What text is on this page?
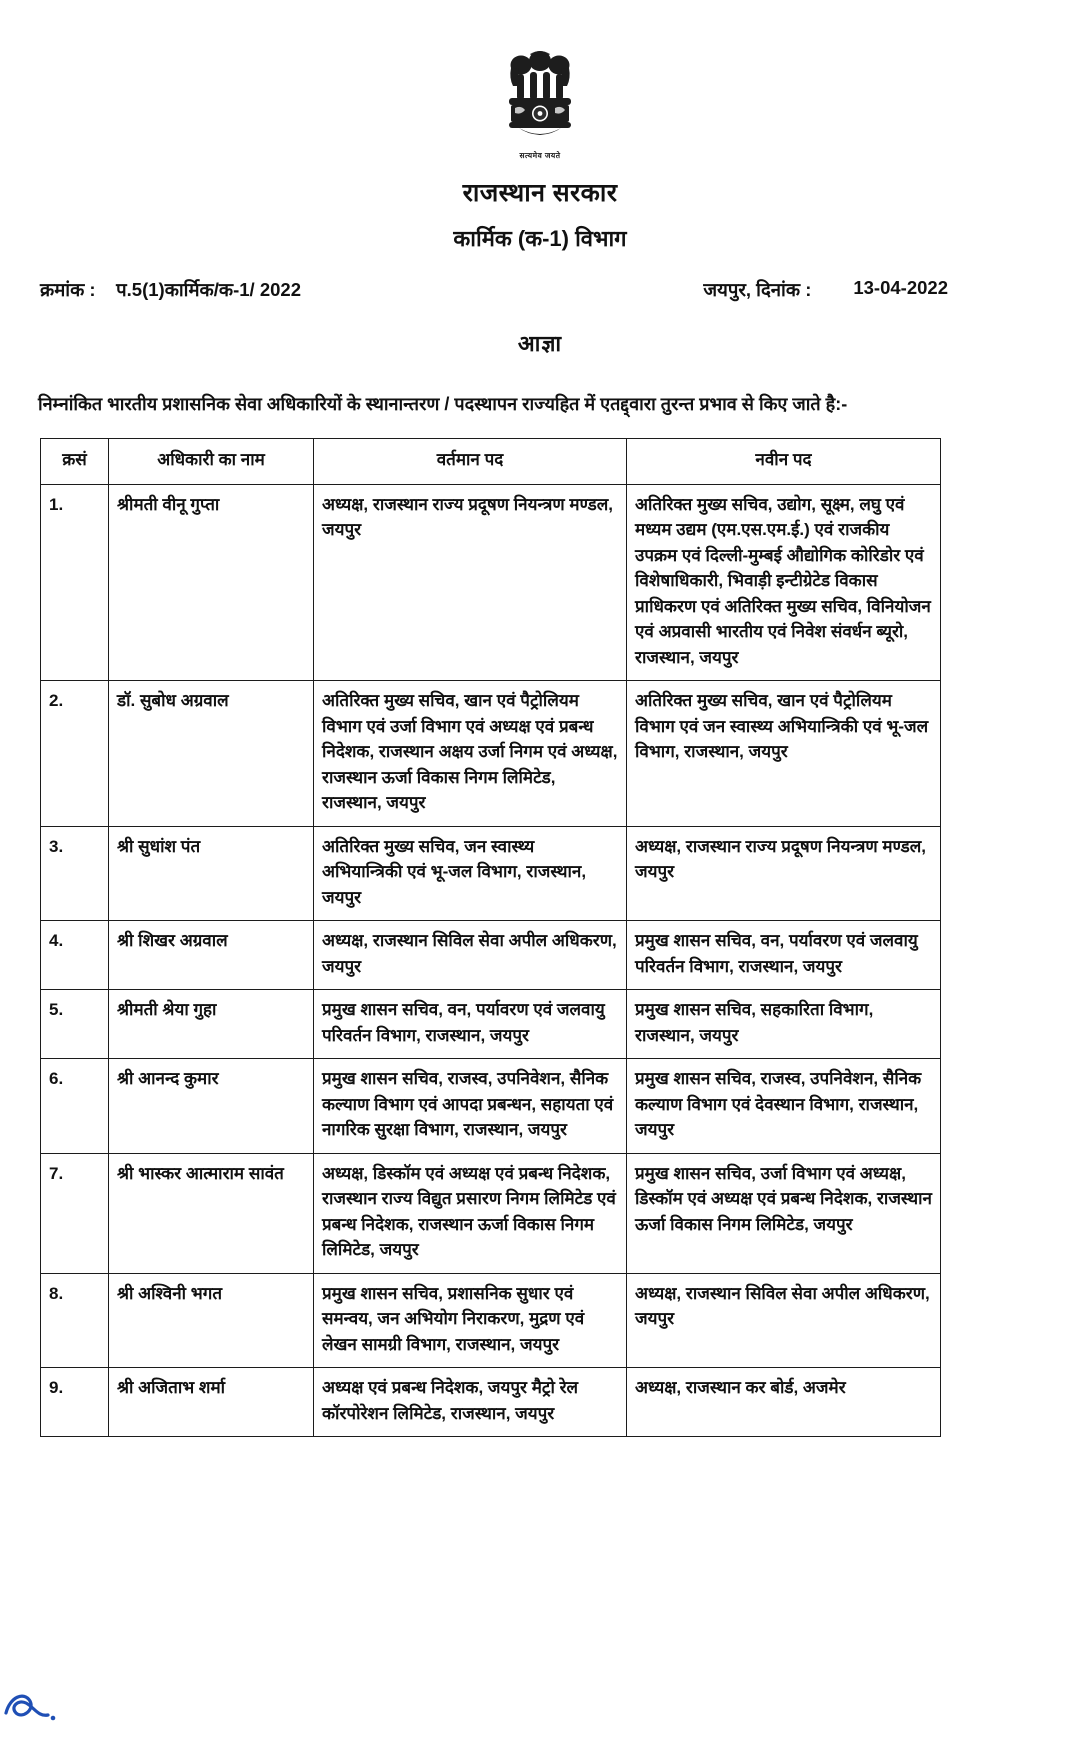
सत्यमेव जयते
राजस्थान सरकार
कार्मिक (क-1) विभाग
क्रमांक : प.5(1)कार्मिक/क-1/ 2022	जयपुर, दिनांक : 13-04-2022
आज्ञा
निम्नांकित भारतीय प्रशासनिक सेवा अधिकारियों के स्थानान्तरण / पदस्थापन राज्यहित में एतद्द्वारा तुरन्त प्रभाव से किए जाते है:-
क्रसं	अधिकारी का नाम	वर्तमान पद	नवीन पद

1.	श्रीमती वीनू गुप्ता	अध्यक्ष, राजस्थान राज्य प्रदूषण नियन्त्रण मण्डल, जयपुर	अतिरिक्त मुख्य सचिव, उद्योग, सूक्ष्म, लघु एवं मध्यम उद्यम (एम.एस.एम.ई.) एवं राजकीय उपक्रम एवं दिल्ली-मुम्बई औद्योगिक कोरिडोर एवं विशेषाधिकारी, भिवाड़ी इन्टीग्रेटेड विकास प्राधिकरण एवं अतिरिक्त मुख्य सचिव, विनियोजन एवं अप्रवासी भारतीय एवं निवेश संवर्धन ब्यूरो, राजस्थान, जयपुर

2.	डॉ. सुबोध अग्रवाल	अतिरिक्त मुख्य सचिव, खान एवं पैट्रोलियम विभाग एवं उर्जा विभाग एवं अध्यक्ष एवं प्रबन्ध निदेशक, राजस्थान अक्षय उर्जा निगम एवं अध्यक्ष, राजस्थान ऊर्जा विकास निगम लिमिटेड, राजस्थान, जयपुर	अतिरिक्त मुख्य सचिव, खान एवं पैट्रोलियम विभाग एवं जन स्वास्थ्य अभियान्त्रिकी एवं भू-जल विभाग, राजस्थान, जयपुर

3.	श्री सुधांश पंत	अतिरिक्त मुख्य सचिव, जन स्वास्थ्य अभियान्त्रिकी एवं भू-जल विभाग, राजस्थान, जयपुर	अध्यक्ष, राजस्थान राज्य प्रदूषण नियन्त्रण मण्डल, जयपुर

4.	श्री शिखर अग्रवाल	अध्यक्ष, राजस्थान सिविल सेवा अपील अधिकरण, जयपुर	प्रमुख शासन सचिव, वन, पर्यावरण एवं जलवायु परिवर्तन विभाग, राजस्थान, जयपुर

5.	श्रीमती श्रेया गुहा	प्रमुख शासन सचिव, वन, पर्यावरण एवं जलवायु परिवर्तन विभाग, राजस्थान, जयपुर	प्रमुख शासन सचिव, सहकारिता विभाग, राजस्थान, जयपुर

6.	श्री आनन्द कुमार	प्रमुख शासन सचिव, राजस्व, उपनिवेशन, सैनिक कल्याण विभाग एवं आपदा प्रबन्धन, सहायता एवं नागरिक सुरक्षा विभाग, राजस्थान, जयपुर	प्रमुख शासन सचिव, राजस्व, उपनिवेशन, सैनिक कल्याण विभाग एवं देवस्थान विभाग, राजस्थान, जयपुर

7.	श्री भास्कर आत्माराम सावंत	अध्यक्ष, डिस्कॉम एवं अध्यक्ष एवं प्रबन्ध निदेशक, राजस्थान राज्य विद्युत प्रसारण निगम लिमिटेड एवं प्रबन्ध निदेशक, राजस्थान ऊर्जा विकास निगम लिमिटेड, जयपुर	प्रमुख शासन सचिव, उर्जा विभाग एवं अध्यक्ष, डिस्कॉम एवं अध्यक्ष एवं प्रबन्ध निदेशक, राजस्थान ऊर्जा विकास निगम लिमिटेड, जयपुर

8.	श्री अश्विनी भगत	प्रमुख शासन सचिव, प्रशासनिक सुधार एवं समन्वय, जन अभियोग निराकरण, मुद्रण एवं लेखन सामग्री विभाग, राजस्थान, जयपुर	अध्यक्ष, राजस्थान सिविल सेवा अपील अधिकरण, जयपुर

9.	श्री अजिताभ शर्मा	अध्यक्ष एवं प्रबन्ध निदेशक, जयपुर मैट्रो रेल कॉरपोरेशन लिमिटेड, राजस्थान, जयपुर	अध्यक्ष, राजस्थान कर बोर्ड, अजमेर
